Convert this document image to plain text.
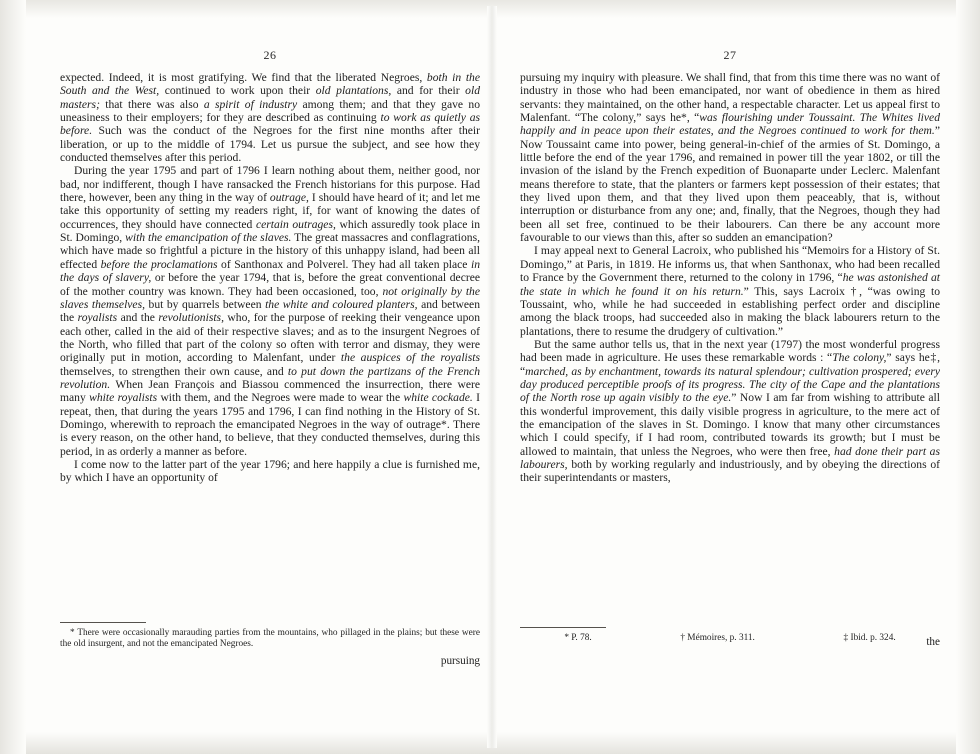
26

expected. Indeed, it is most gratifying. We find that the liberated Negroes, both in the South and the West, continued to work upon their old plantations, and for their old masters; that there was also a spirit of industry among them; and that they gave no uneasiness to their employers; for they are described as continuing to work as quietly as before. Such was the conduct of the Negroes for the first nine months after their liberation, or up to the middle of 1794. Let us pursue the subject, and see how they conducted themselves after this period.

During the year 1795 and part of 1796 I learn nothing about them, neither good, nor bad, nor indifferent, though I have ransacked the French historians for this purpose. Had there, however, been any thing in the way of outrage, I should have heard of it; and let me take this opportunity of setting my readers right, if, for want of knowing the dates of occurrences, they should have connected certain outrages, which assuredly took place in St. Domingo, with the emancipation of the slaves. The great massacres and conflagrations, which have made so frightful a picture in the history of this unhappy island, had been all effected before the proclamations of Santhonax and Polverel. They had all taken place in the days of slavery, or before the year 1794, that is, before the great conventional decree of the mother country was known. They had been occasioned, too, not originally by the slaves themselves, but by quarrels between the white and coloured planters, and between the royalists and the revolutionists, who, for the purpose of reeking their vengeance upon each other, called in the aid of their respective slaves; and as to the insurgent Negroes of the North, who filled that part of the colony so often with terror and dismay, they were originally put in motion, according to Malenfant, under the auspices of the royalists themselves, to strengthen their own cause, and to put down the partizans of the French revolution. When Jean François and Biassou commenced the insurrection, there were many white royalists with them, and the Negroes were made to wear the white cockade. I repeat, then, that during the years 1795 and 1796, I can find nothing in the History of St. Domingo, wherewith to reproach the emancipated Negroes in the way of outrage*. There is every reason, on the other hand, to believe, that they conducted themselves, during this period, in as orderly a manner as before.

I come now to the latter part of the year 1796; and here happily a clue is furnished me, by which I have an opportunity of

* There were occasionally marauding parties from the mountains, who pillaged in the plains; but these were the old insurgent, and not the emancipated Negroes.

pursuing
27

pursuing my inquiry with pleasure. We shall find, that from this time there was no want of industry in those who had been emancipated, nor want of obedience in them as hired servants: they maintained, on the other hand, a respectable character. Let us appeal first to Malenfant. “The colony,” says he*, “was flourishing under Toussaint. The Whites lived happily and in peace upon their estates, and the Negroes continued to work for them.” Now Toussaint came into power, being general-in-chief of the armies of St. Domingo, a little before the end of the year 1796, and remained in power till the year 1802, or till the invasion of the island by the French expedition of Buonaparte under Leclerc. Malenfant means therefore to state, that the planters or farmers kept possession of their estates; that they lived upon them, and that they lived upon them peaceably, that is, without interruption or disturbance from any one; and, finally, that the Negroes, though they had been all set free, continued to be their labourers. Can there be any account more favourable to our views than this, after so sudden an emancipation?

I may appeal next to General Lacroix, who published his “Memoirs for a History of St. Domingo,” at Paris, in 1819. He informs us, that when Santhonax, who had been recalled to France by the Government there, returned to the colony in 1796, “he was astonished at the state in which he found it on his return.” This, says Lacroix †, “was owing to Toussaint, who, while he had succeeded in establishing perfect order and discipline among the black troops, had succeeded also in making the black labourers return to the plantations, there to resume the drudgery of cultivation.”

But the same author tells us, that in the next year (1797) the most wonderful progress had been made in agriculture. He uses these remarkable words : “The colony,” says he‡, “marched, as by enchantment, towards its natural splendour; cultivation prospered; every day produced perceptible proofs of its progress. The city of the Cape and the plantations of the North rose up again visibly to the eye.” Now I am far from wishing to attribute all this wonderful improvement, this daily visible progress in agriculture, to the mere act of the emancipation of the slaves in St. Domingo. I know that many other circumstances which I could specify, if I had room, contributed towards its growth; but I must be allowed to maintain, that unless the Negroes, who were then free, had done their part as labourers, both by working regularly and industriously, and by obeying the directions of their superintendants or masters,

* P. 78.	† Mémoires, p. 311.	‡ Ibid. p. 324.	the
